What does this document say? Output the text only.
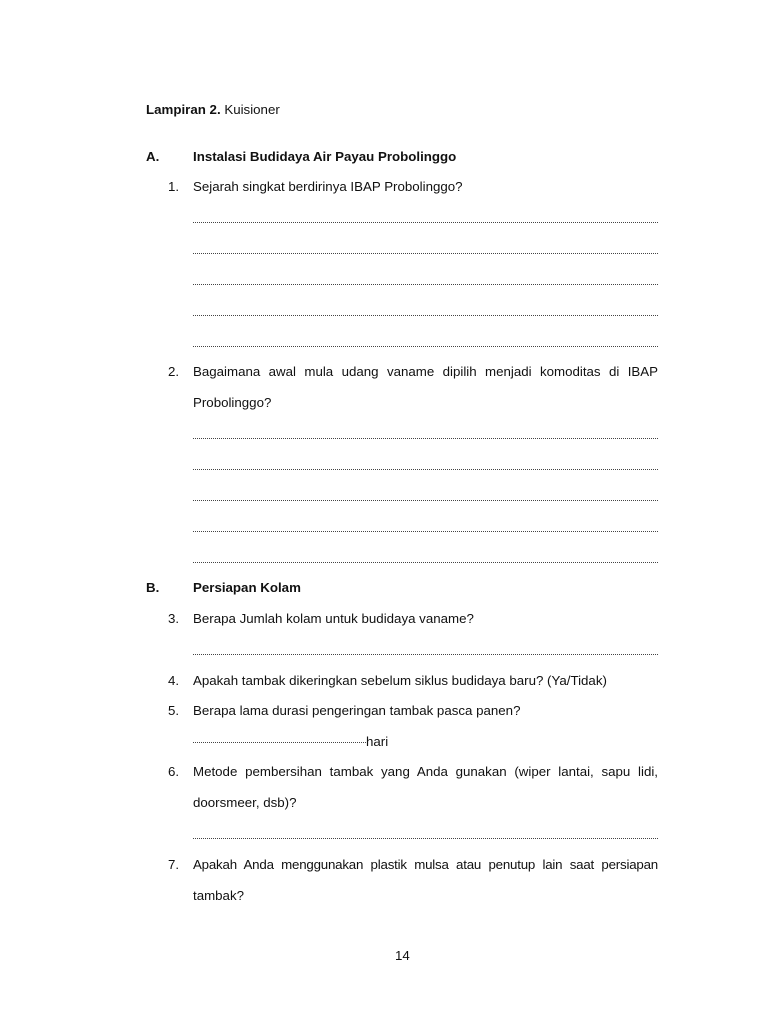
Lampiran 2. Kuisioner
A.	Instalasi Budidaya Air Payau Probolinggo
1. Sejarah singkat berdirinya IBAP Probolinggo?
2. Bagaimana awal mula udang vaname dipilih menjadi komoditas di IBAP
Probolinggo?
B.	Persiapan Kolam
3. Berapa Jumlah kolam untuk budidaya vaname?
4. Apakah tambak dikeringkan sebelum siklus budidaya baru? (Ya/Tidak)
5. Berapa lama durasi pengeringan tambak pasca panen?
hari
6. Metode pembersihan tambak yang Anda gunakan (wiper lantai, sapu lidi,
doorsmeer, dsb)?
7. Apakah Anda menggunakan plastik mulsa atau penutup lain saat persiapan
tambak?
14
